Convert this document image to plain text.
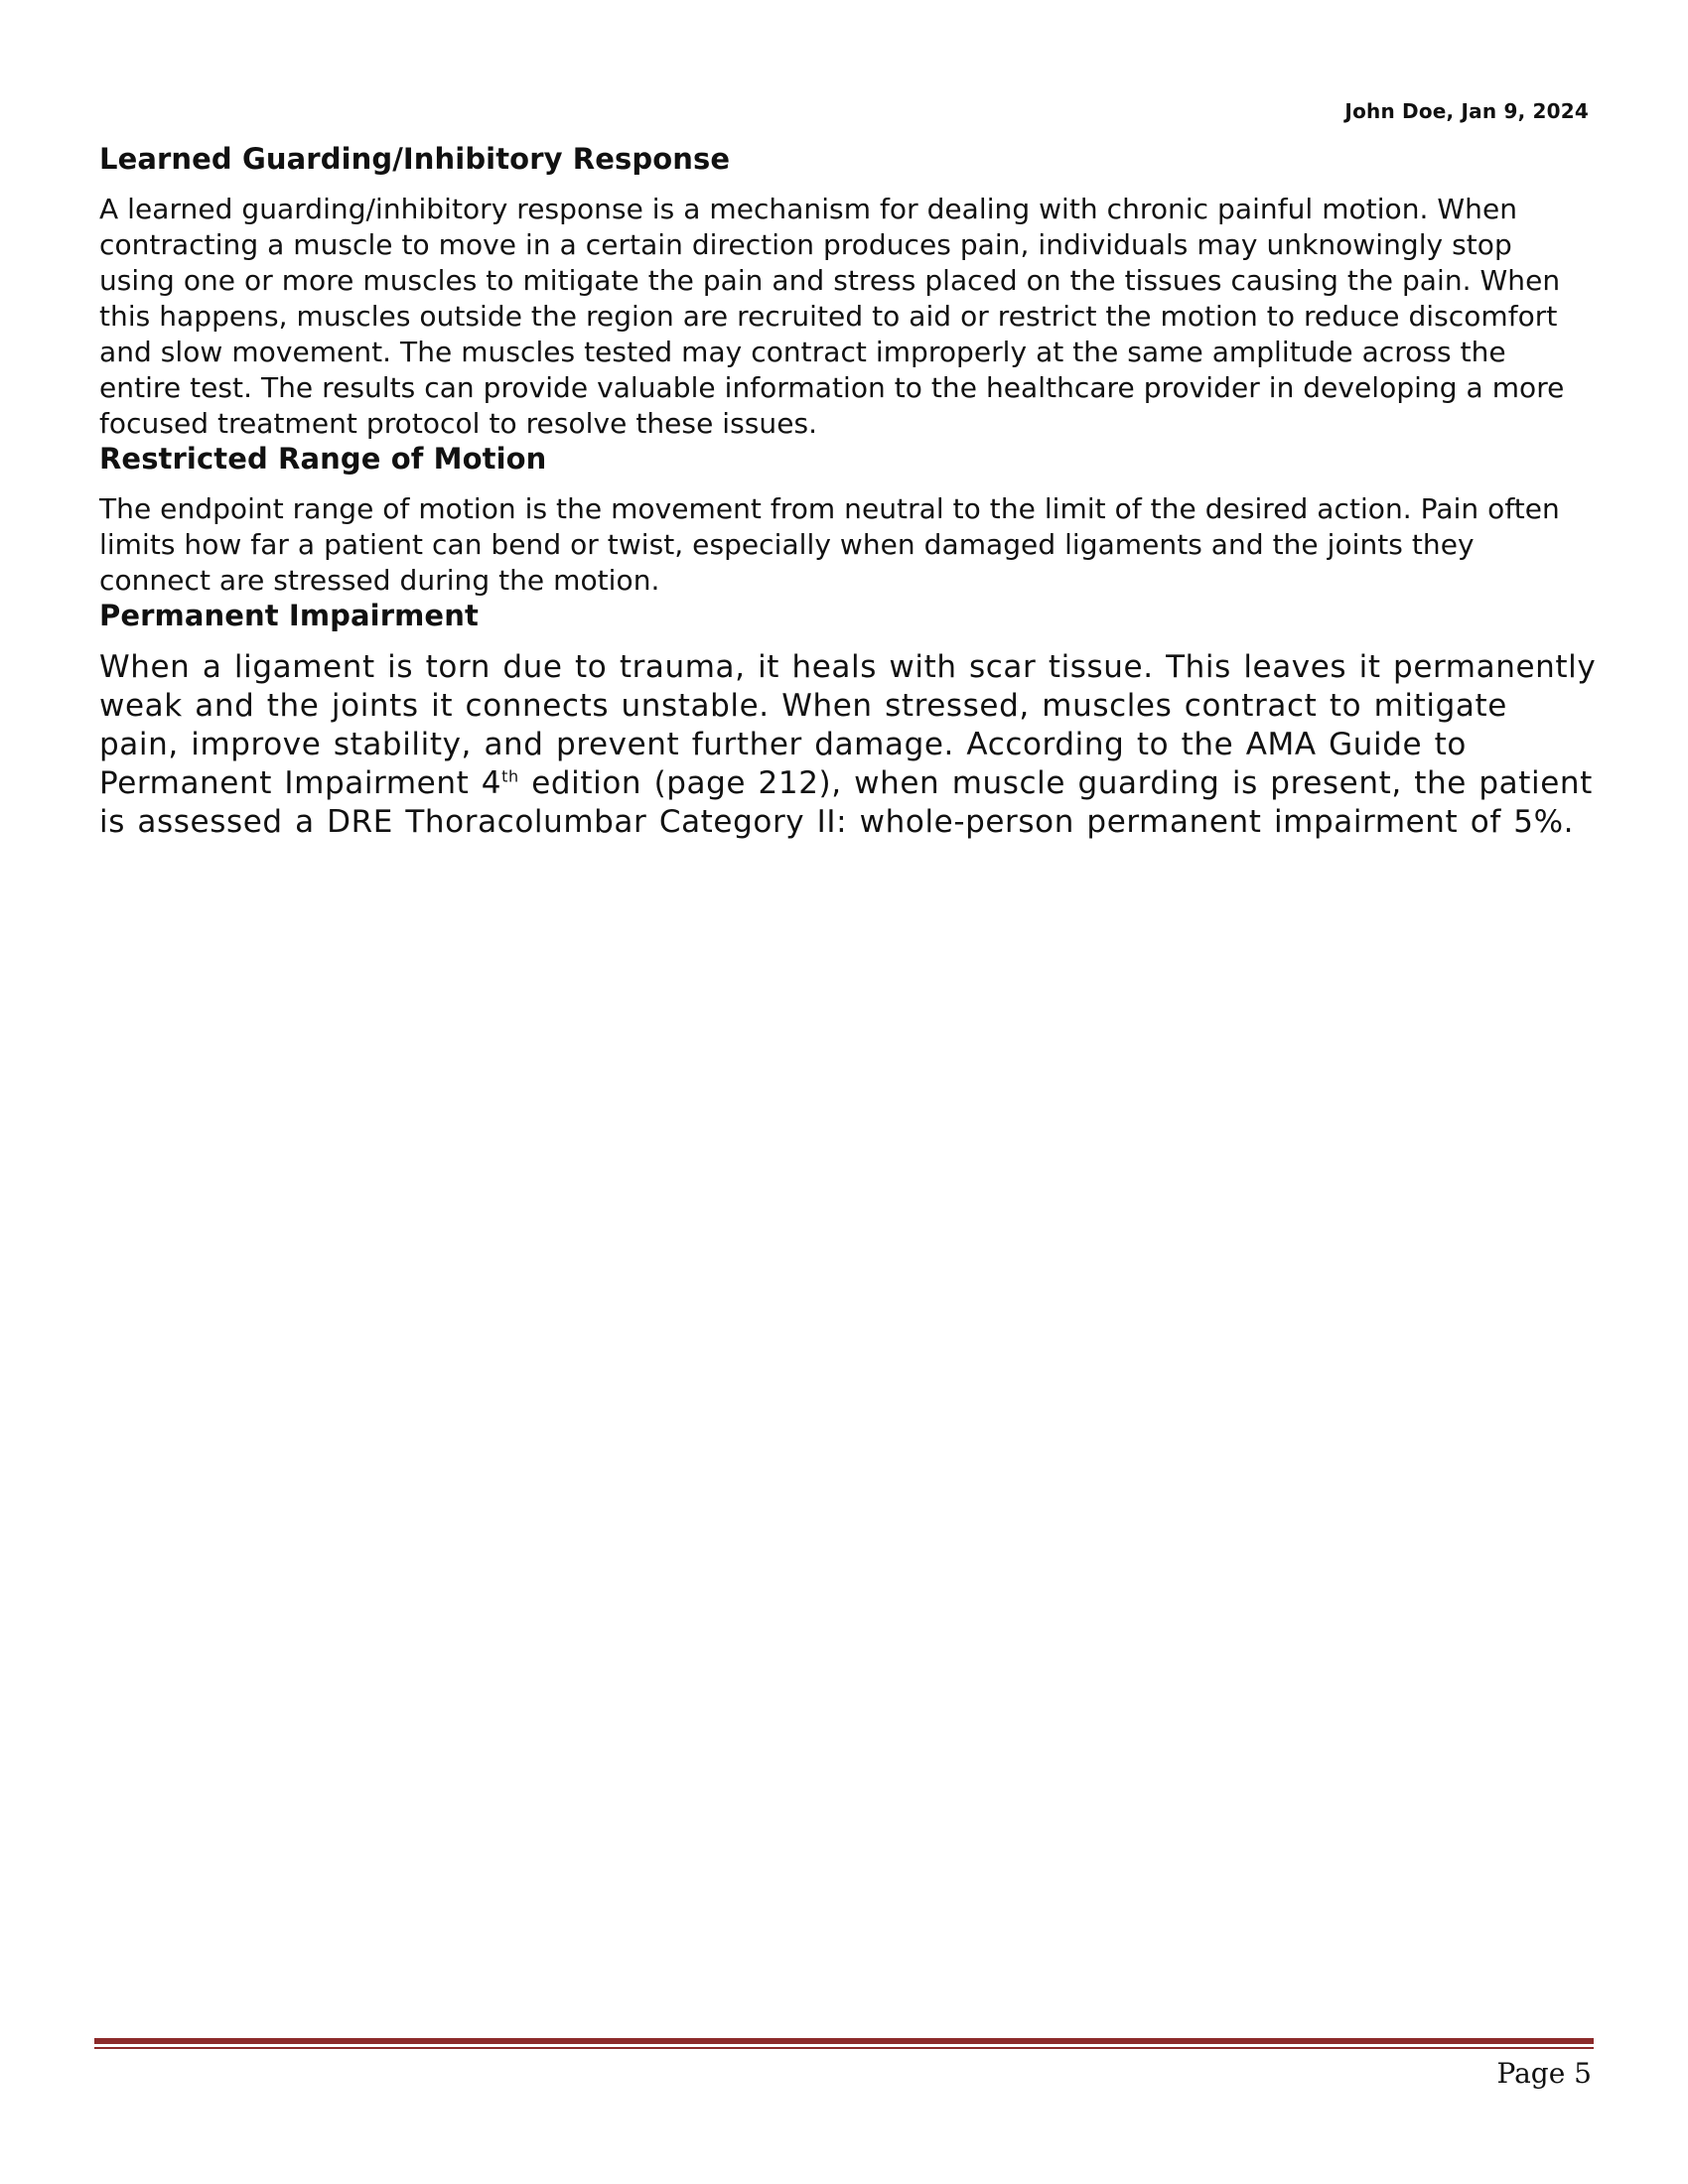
John Doe, Jan 9, 2024
Learned Guarding/Inhibitory Response

A learned guarding/inhibitory response is a mechanism for dealing with chronic painful motion. When contracting a muscle to move in a certain direction produces pain, individuals may unknowingly stop using one or more muscles to mitigate the pain and stress placed on the tissues causing the pain. When this happens, muscles outside the region are recruited to aid or restrict the motion to reduce discomfort and slow movement. The muscles tested may contract improperly at the same amplitude across the entire test. The results can provide valuable information to the healthcare provider in developing a more focused treatment protocol to resolve these issues.

Restricted Range of Motion

The endpoint range of motion is the movement from neutral to the limit of the desired action. Pain often limits how far a patient can bend or twist, especially when damaged ligaments and the joints they connect are stressed during the motion.

Permanent Impairment

When a ligament is torn due to trauma, it heals with scar tissue. This leaves it permanently weak and the joints it connects unstable. When stressed, muscles contract to mitigate pain, improve stability, and prevent further damage. According to the AMA Guide to Permanent Impairment 4th edition (page 212), when muscle guarding is present, the patient is assessed a DRE Thoracolumbar Category II: whole-person permanent impairment of 5%.

Page 5
